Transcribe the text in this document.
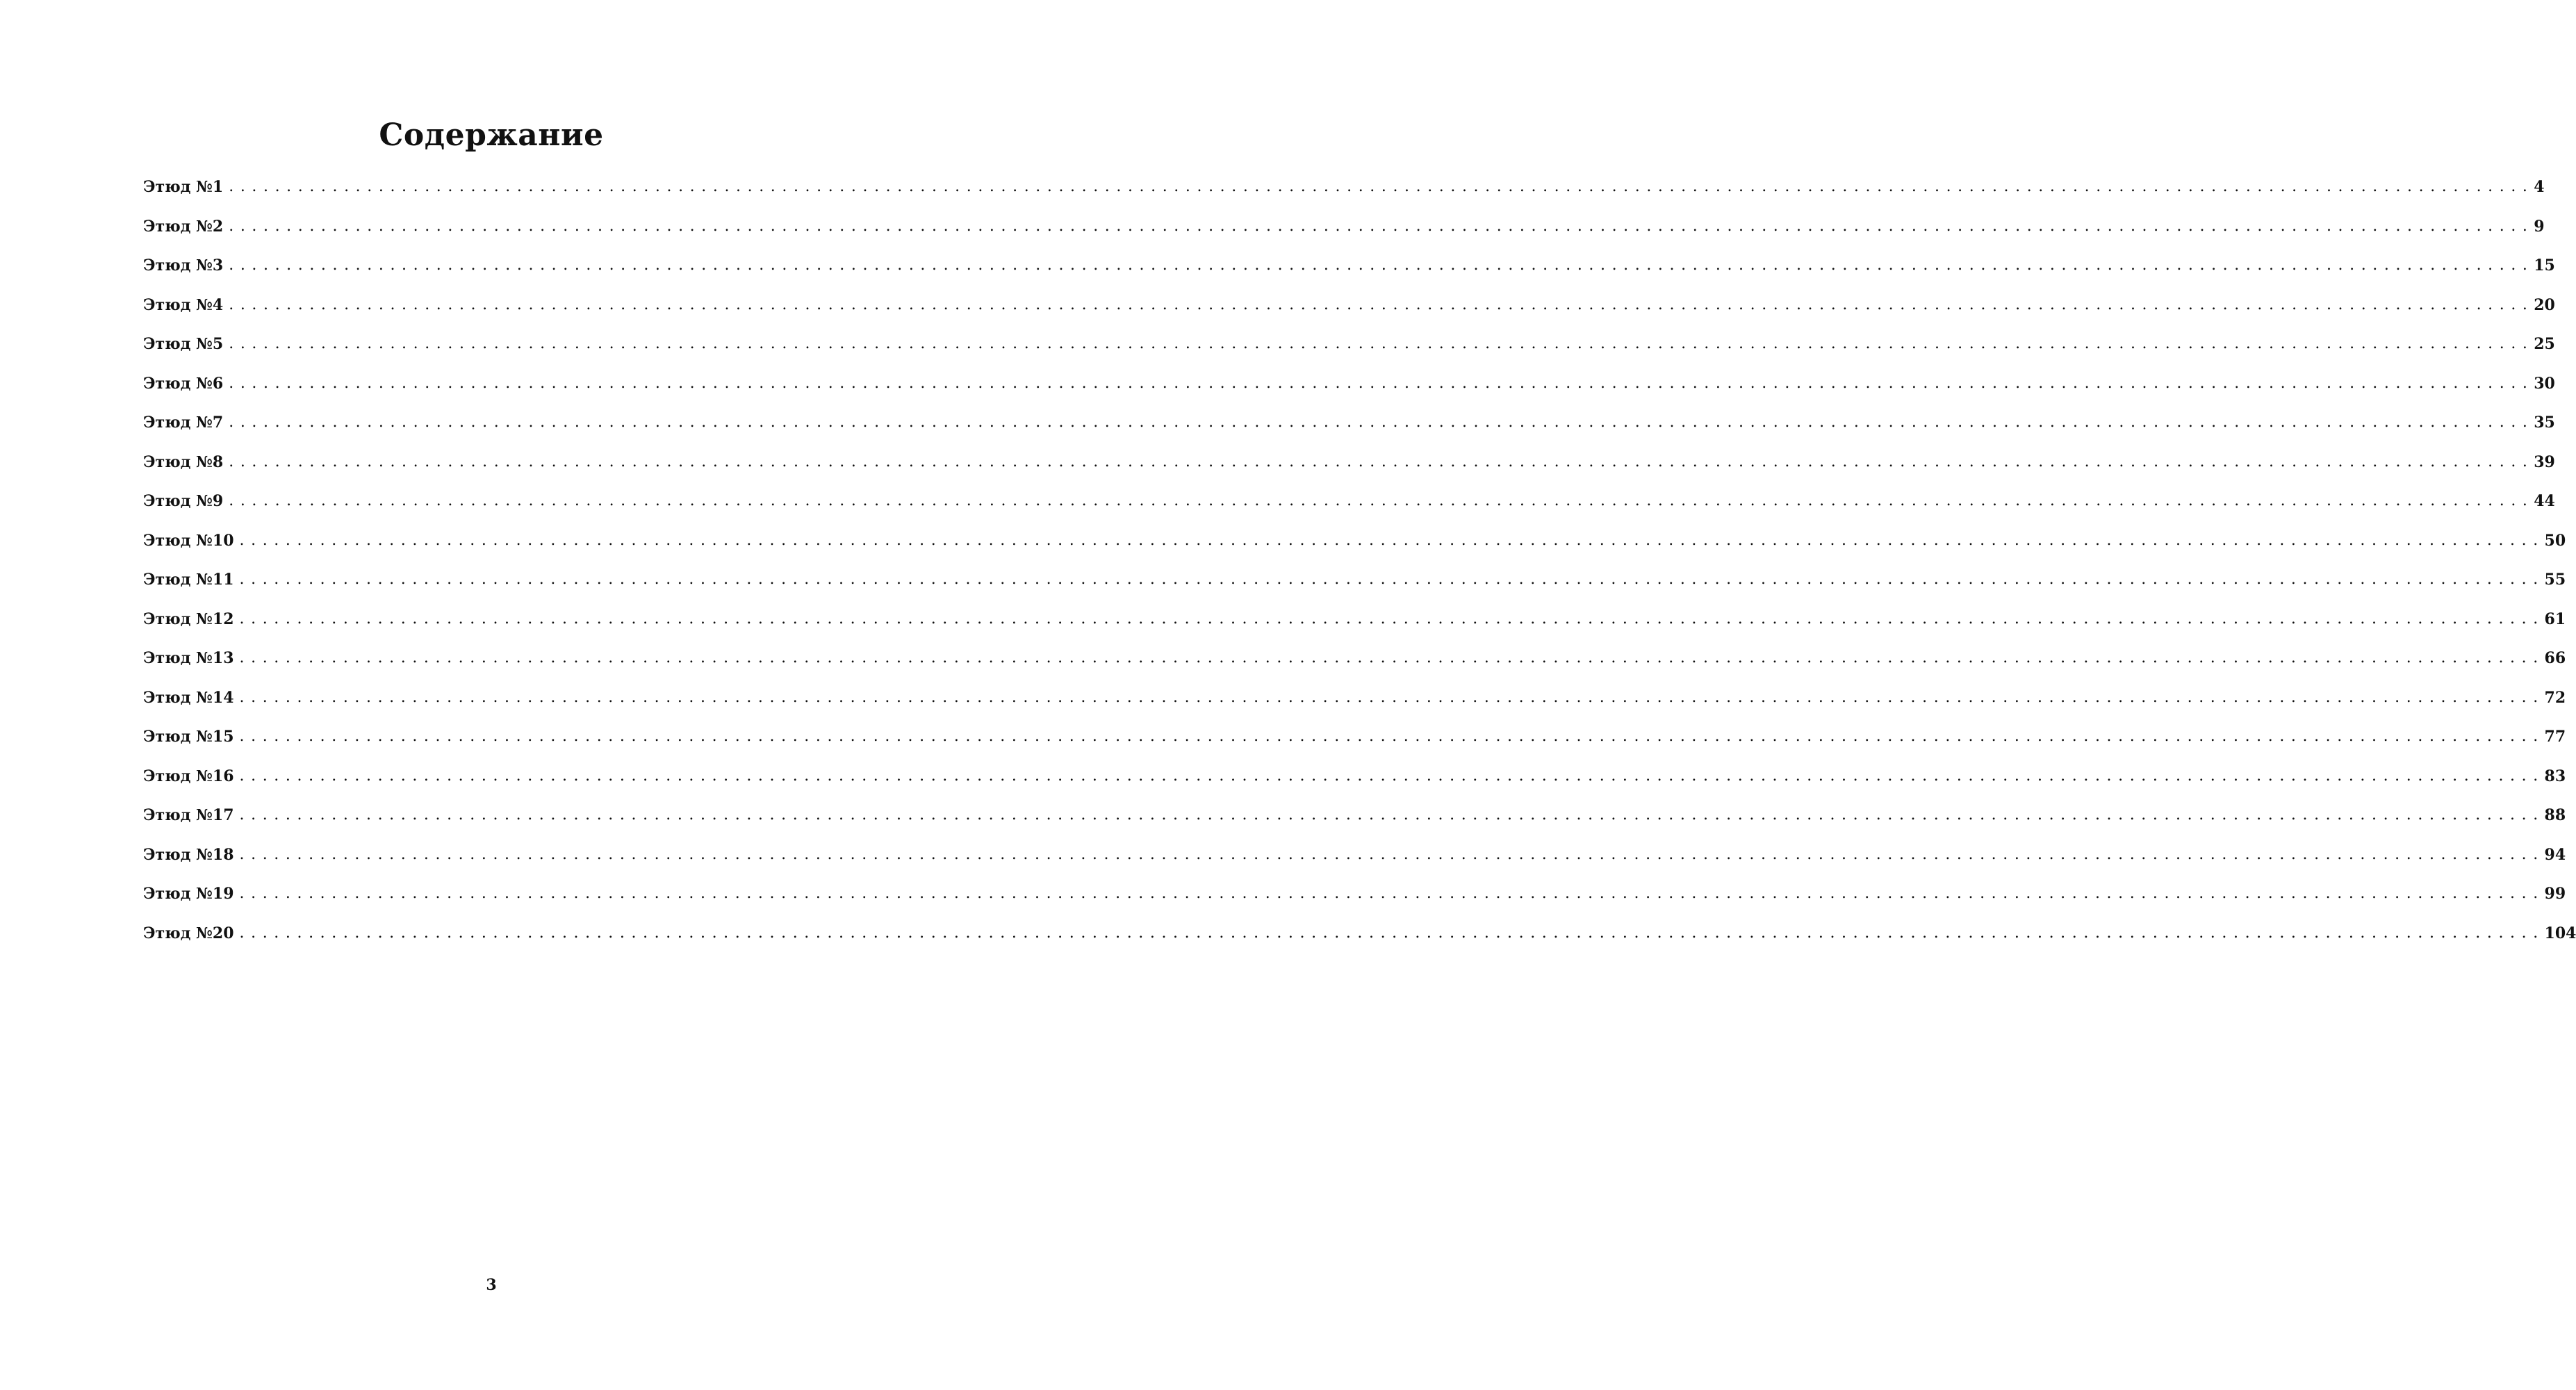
Содержание
Этюд №1 . . . . . . . . . . . . . . . . . . . . . . . . . . . . . . . . . . . . . . . . . . . . . . . . . . . . . . . . . . . . . . . . . . . . . . . . . . . . . . . . . . . . . . . . . . . . . . . . . . . . . . . . . . . . . . . . . . . . . . . . . . . . . . . . . . . . . . . . . . . . . . . . . . . . . . . . . . . . . . . . . . . . . . . . . . . . . . . . . . . . . . . . . . . . . . . . . . . . . . . . 4
Этюд №2 . . . . . . . . . . . . . . . . . . . . . . . . . . . . . . . . . . . . . . . . . . . . . . . . . . . . . . . . . . . . . . . . . . . . . . . . . . . . . . . . . . . . . . . . . . . . . . . . . . . . . . . . . . . . . . . . . . . . . . . . . . . . . . . . . . . . . . . . . . . . . . . . . . . . . . . . . . . . . . . . . . . . . . . . . . . . . . . . . . . . . . . . . . . . . . . . . . . . . . . . 9
Этюд №3 . . . . . . . . . . . . . . . . . . . . . . . . . . . . . . . . . . . . . . . . . . . . . . . . . . . . . . . . . . . . . . . . . . . . . . . . . . . . . . . . . . . . . . . . . . . . . . . . . . . . . . . . . . . . . . . . . . . . . . . . . . . . . . . . . . . . . . . . . . . . . . . . . . . . . . . . . . . . . . . . . . . . . . . . . . . . . . . . . . . . . . . . . . . . . . . . . . . . . . . . 15
Этюд №4 . . . . . . . . . . . . . . . . . . . . . . . . . . . . . . . . . . . . . . . . . . . . . . . . . . . . . . . . . . . . . . . . . . . . . . . . . . . . . . . . . . . . . . . . . . . . . . . . . . . . . . . . . . . . . . . . . . . . . . . . . . . . . . . . . . . . . . . . . . . . . . . . . . . . . . . . . . . . . . . . . . . . . . . . . . . . . . . . . . . . . . . . . . . . . . . . . . . . . . . . 20
Этюд №5 . . . . . . . . . . . . . . . . . . . . . . . . . . . . . . . . . . . . . . . . . . . . . . . . . . . . . . . . . . . . . . . . . . . . . . . . . . . . . . . . . . . . . . . . . . . . . . . . . . . . . . . . . . . . . . . . . . . . . . . . . . . . . . . . . . . . . . . . . . . . . . . . . . . . . . . . . . . . . . . . . . . . . . . . . . . . . . . . . . . . . . . . . . . . . . . . . . . . . . . . 25
Этюд №6 . . . . . . . . . . . . . . . . . . . . . . . . . . . . . . . . . . . . . . . . . . . . . . . . . . . . . . . . . . . . . . . . . . . . . . . . . . . . . . . . . . . . . . . . . . . . . . . . . . . . . . . . . . . . . . . . . . . . . . . . . . . . . . . . . . . . . . . . . . . . . . . . . . . . . . . . . . . . . . . . . . . . . . . . . . . . . . . . . . . . . . . . . . . . . . . . . . . . . . . . 30
Этюд №7 . . . . . . . . . . . . . . . . . . . . . . . . . . . . . . . . . . . . . . . . . . . . . . . . . . . . . . . . . . . . . . . . . . . . . . . . . . . . . . . . . . . . . . . . . . . . . . . . . . . . . . . . . . . . . . . . . . . . . . . . . . . . . . . . . . . . . . . . . . . . . . . . . . . . . . . . . . . . . . . . . . . . . . . . . . . . . . . . . . . . . . . . . . . . . . . . . . . . . . . . 35
Этюд №8 . . . . . . . . . . . . . . . . . . . . . . . . . . . . . . . . . . . . . . . . . . . . . . . . . . . . . . . . . . . . . . . . . . . . . . . . . . . . . . . . . . . . . . . . . . . . . . . . . . . . . . . . . . . . . . . . . . . . . . . . . . . . . . . . . . . . . . . . . . . . . . . . . . . . . . . . . . . . . . . . . . . . . . . . . . . . . . . . . . . . . . . . . . . . . . . . . . . . . . . . 39
Этюд №9 . . . . . . . . . . . . . . . . . . . . . . . . . . . . . . . . . . . . . . . . . . . . . . . . . . . . . . . . . . . . . . . . . . . . . . . . . . . . . . . . . . . . . . . . . . . . . . . . . . . . . . . . . . . . . . . . . . . . . . . . . . . . . . . . . . . . . . . . . . . . . . . . . . . . . . . . . . . . . . . . . . . . . . . . . . . . . . . . . . . . . . . . . . . . . . . . . . . . . . . . 44
Этюд №10 . . . . . . . . . . . . . . . . . . . . . . . . . . . . . . . . . . . . . . . . . . . . . . . . . . . . . . . . . . . . . . . . . . . . . . . . . . . . . . . . . . . . . . . . . . . . . . . . . . . . . . . . . . . . . . . . . . . . . . . . . . . . . . . . . . . . . . . . . . . . . . . . . . . . . . . . . . . . . . . . . . . . . . . . . . . . . . . . . . . . . . . . . . . . . . . . . . . . . . . . 50
Этюд №11 . . . . . . . . . . . . . . . . . . . . . . . . . . . . . . . . . . . . . . . . . . . . . . . . . . . . . . . . . . . . . . . . . . . . . . . . . . . . . . . . . . . . . . . . . . . . . . . . . . . . . . . . . . . . . . . . . . . . . . . . . . . . . . . . . . . . . . . . . . . . . . . . . . . . . . . . . . . . . . . . . . . . . . . . . . . . . . . . . . . . . . . . . . . . . . . . . . . . . . . . 55
Этюд №12 . . . . . . . . . . . . . . . . . . . . . . . . . . . . . . . . . . . . . . . . . . . . . . . . . . . . . . . . . . . . . . . . . . . . . . . . . . . . . . . . . . . . . . . . . . . . . . . . . . . . . . . . . . . . . . . . . . . . . . . . . . . . . . . . . . . . . . . . . . . . . . . . . . . . . . . . . . . . . . . . . . . . . . . . . . . . . . . . . . . . . . . . . . . . . . . . . . . . . . . . 61
Этюд №13 . . . . . . . . . . . . . . . . . . . . . . . . . . . . . . . . . . . . . . . . . . . . . . . . . . . . . . . . . . . . . . . . . . . . . . . . . . . . . . . . . . . . . . . . . . . . . . . . . . . . . . . . . . . . . . . . . . . . . . . . . . . . . . . . . . . . . . . . . . . . . . . . . . . . . . . . . . . . . . . . . . . . . . . . . . . . . . . . . . . . . . . . . . . . . . . . . . . . . . . . 66
Этюд №14 . . . . . . . . . . . . . . . . . . . . . . . . . . . . . . . . . . . . . . . . . . . . . . . . . . . . . . . . . . . . . . . . . . . . . . . . . . . . . . . . . . . . . . . . . . . . . . . . . . . . . . . . . . . . . . . . . . . . . . . . . . . . . . . . . . . . . . . . . . . . . . . . . . . . . . . . . . . . . . . . . . . . . . . . . . . . . . . . . . . . . . . . . . . . . . . . . . . . . . . . 72
Этюд №15 . . . . . . . . . . . . . . . . . . . . . . . . . . . . . . . . . . . . . . . . . . . . . . . . . . . . . . . . . . . . . . . . . . . . . . . . . . . . . . . . . . . . . . . . . . . . . . . . . . . . . . . . . . . . . . . . . . . . . . . . . . . . . . . . . . . . . . . . . . . . . . . . . . . . . . . . . . . . . . . . . . . . . . . . . . . . . . . . . . . . . . . . . . . . . . . . . . . . . . . . 77
Этюд №16 . . . . . . . . . . . . . . . . . . . . . . . . . . . . . . . . . . . . . . . . . . . . . . . . . . . . . . . . . . . . . . . . . . . . . . . . . . . . . . . . . . . . . . . . . . . . . . . . . . . . . . . . . . . . . . . . . . . . . . . . . . . . . . . . . . . . . . . . . . . . . . . . . . . . . . . . . . . . . . . . . . . . . . . . . . . . . . . . . . . . . . . . . . . . . . . . . . . . . . . . 83
Этюд №17 . . . . . . . . . . . . . . . . . . . . . . . . . . . . . . . . . . . . . . . . . . . . . . . . . . . . . . . . . . . . . . . . . . . . . . . . . . . . . . . . . . . . . . . . . . . . . . . . . . . . . . . . . . . . . . . . . . . . . . . . . . . . . . . . . . . . . . . . . . . . . . . . . . . . . . . . . . . . . . . . . . . . . . . . . . . . . . . . . . . . . . . . . . . . . . . . . . . . . . . . 88
Этюд №18 . . . . . . . . . . . . . . . . . . . . . . . . . . . . . . . . . . . . . . . . . . . . . . . . . . . . . . . . . . . . . . . . . . . . . . . . . . . . . . . . . . . . . . . . . . . . . . . . . . . . . . . . . . . . . . . . . . . . . . . . . . . . . . . . . . . . . . . . . . . . . . . . . . . . . . . . . . . . . . . . . . . . . . . . . . . . . . . . . . . . . . . . . . . . . . . . . . . . . . . . 94
Этюд №19 . . . . . . . . . . . . . . . . . . . . . . . . . . . . . . . . . . . . . . . . . . . . . . . . . . . . . . . . . . . . . . . . . . . . . . . . . . . . . . . . . . . . . . . . . . . . . . . . . . . . . . . . . . . . . . . . . . . . . . . . . . . . . . . . . . . . . . . . . . . . . . . . . . . . . . . . . . . . . . . . . . . . . . . . . . . . . . . . . . . . . . . . . . . . . . . . . . . . . . . . 99
Этюд №20 . . . . . . . . . . . . . . . . . . . . . . . . . . . . . . . . . . . . . . . . . . . . . . . . . . . . . . . . . . . . . . . . . . . . . . . . . . . . . . . . . . . . . . . . . . . . . . . . . . . . . . . . . . . . . . . . . . . . . . . . . . . . . . . . . . . . . . . . . . . . . . . . . . . . . . . . . . . . . . . . . . . . . . . . . . . . . . . . . . . . . . . . . . . . . . . . . . . . . . . . 104
3
